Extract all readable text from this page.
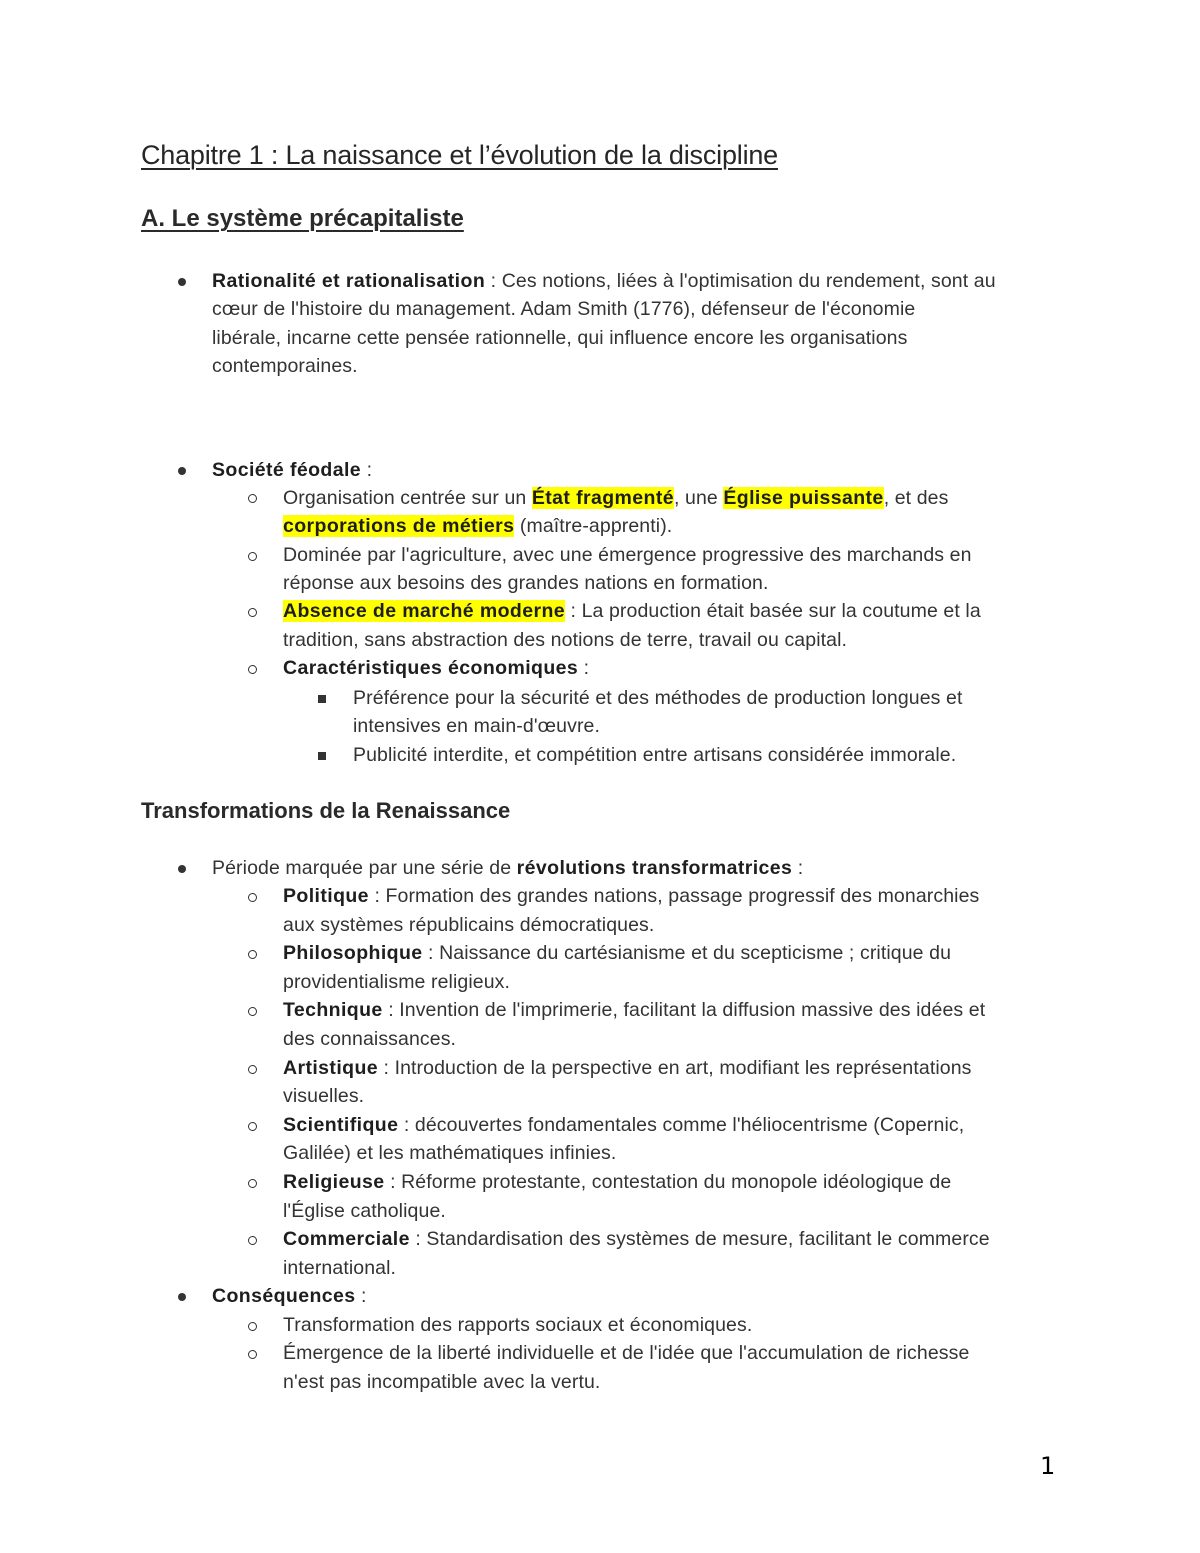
Chapitre 1 : La naissance et l’évolution de la discipline
A. Le système précapitaliste
Rationalité et rationalisation : Ces notions, liées à l'optimisation du rendement, sont au
cœur de l'histoire du management. Adam Smith (1776), défenseur de l'économie
libérale, incarne cette pensée rationnelle, qui influence encore les organisations
contemporaines.
Société féodale :
Organisation centrée sur un État fragmenté, une Église puissante, et des
corporations de métiers (maître-apprenti).
Dominée par l'agriculture, avec une émergence progressive des marchands en
réponse aux besoins des grandes nations en formation.
Absence de marché moderne : La production était basée sur la coutume et la
tradition, sans abstraction des notions de terre, travail ou capital.
Caractéristiques économiques :
Préférence pour la sécurité et des méthodes de production longues et
intensives en main-d'œuvre.
Publicité interdite, et compétition entre artisans considérée immorale.
Transformations de la Renaissance
Période marquée par une série de révolutions transformatrices :
Politique : Formation des grandes nations, passage progressif des monarchies
aux systèmes républicains démocratiques.
Philosophique : Naissance du cartésianisme et du scepticisme ; critique du
providentialisme religieux.
Technique : Invention de l'imprimerie, facilitant la diffusion massive des idées et
des connaissances.
Artistique : Introduction de la perspective en art, modifiant les représentations
visuelles.
Scientifique : découvertes fondamentales comme l'héliocentrisme (Copernic,
Galilée) et les mathématiques infinies.
Religieuse : Réforme protestante, contestation du monopole idéologique de
l'Église catholique.
Commerciale : Standardisation des systèmes de mesure, facilitant le commerce
international.
Conséquences :
Transformation des rapports sociaux et économiques.
Émergence de la liberté individuelle et de l'idée que l'accumulation de richesse
n'est pas incompatible avec la vertu.
1
